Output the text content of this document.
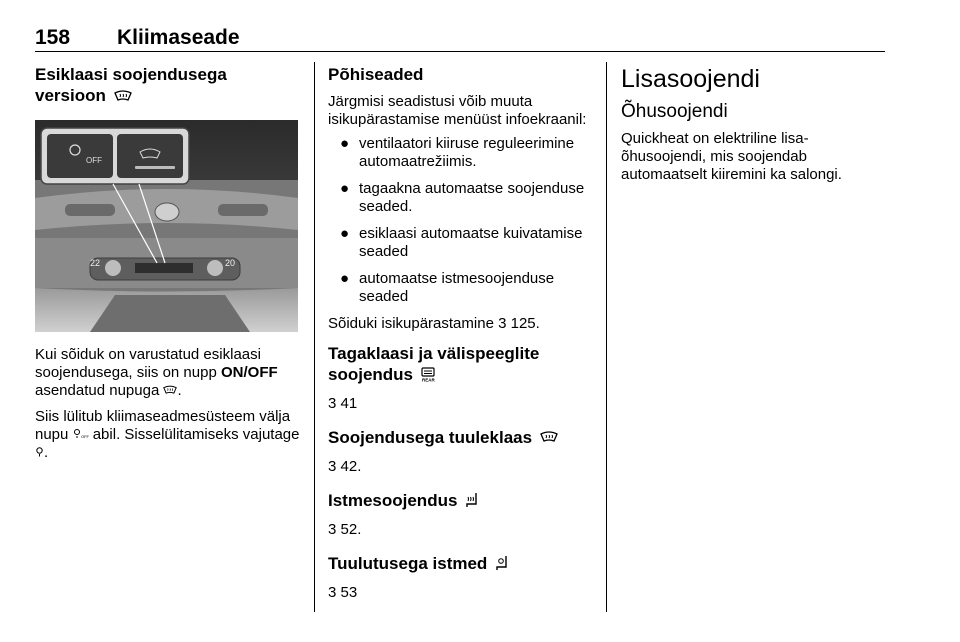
158 Kliimaseade
Esiklaasi soojendusega
versioon
22	20
OFF

Kui sõiduk on varustatud esiklaasi soojendusega, siis on nupp ON/OFF asendatud nupuga .

Siis lülitub kliimaseadmesüsteem välja nupu	OFF abil. Sisselülitamiseks vajutage .

Põhiseaded

Järgmisi seadistusi võib muuta isikupärastamise menüüst infoekraanil:

● ventilaatori kiiruse reguleerimine automaatrežiimis.
● tagaakna automaatse soojenduse seaded.
● esiklaasi automaatse kuivatamise seaded
● automaatse istmesoojenduse seaded

Sõiduki isikupärastamine 3 125.

Tagaklaasi ja välispeeglite
soojendus REAR

3 41

Soojendusega tuuleklaas

3 42.

Istmesoojendus

3 52.

Tuulutusega istmed

3 53

Lisasoojendi
Õhusoojendi

Quickheat on elektriline lisa-õhusoojendi, mis soojendab automaatselt kiiremini ka salongi.
